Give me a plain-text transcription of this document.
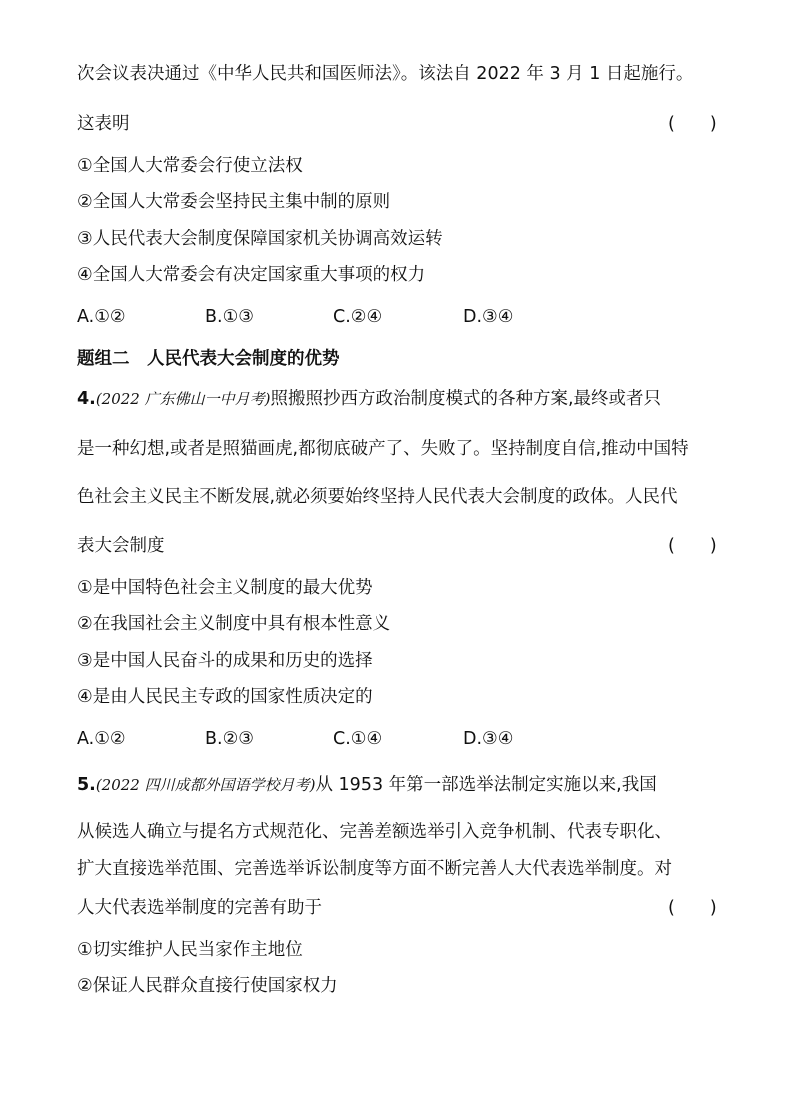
次会议表决通过《中华人民共和国医师法》。该法自 2022 年 3 月 1 日起施行。
这表明	(　　)
①全国人大常委会行使立法权
②全国人大常委会坚持民主集中制的原则
③人民代表大会制度保障国家机关协调高效运转
④全国人大常委会有决定国家重大事项的权力
A.①②	B.①③	C.②④	D.③④
题组二　人民代表大会制度的优势
4.(2022 广东佛山一中月考)照搬照抄西方政治制度模式的各种方案,最终或者只
是一种幻想,或者是照猫画虎,都彻底破产了、失败了。坚持制度自信,推动中国特
色社会主义民主不断发展,就必须要始终坚持人民代表大会制度的政体。人民代
表大会制度	(　　)
①是中国特色社会主义制度的最大优势
②在我国社会主义制度中具有根本性意义
③是中国人民奋斗的成果和历史的选择
④是由人民民主专政的国家性质决定的
A.①②	B.②③	C.①④	D.③④
5.(2022 四川成都外国语学校月考)从 1953 年第一部选举法制定实施以来,我国
从候选人确立与提名方式规范化、完善差额选举引入竞争机制、代表专职化、
扩大直接选举范围、完善选举诉讼制度等方面不断完善人大代表选举制度。对
人大代表选举制度的完善有助于	(　　)
①切实维护人民当家作主地位
②保证人民群众直接行使国家权力
